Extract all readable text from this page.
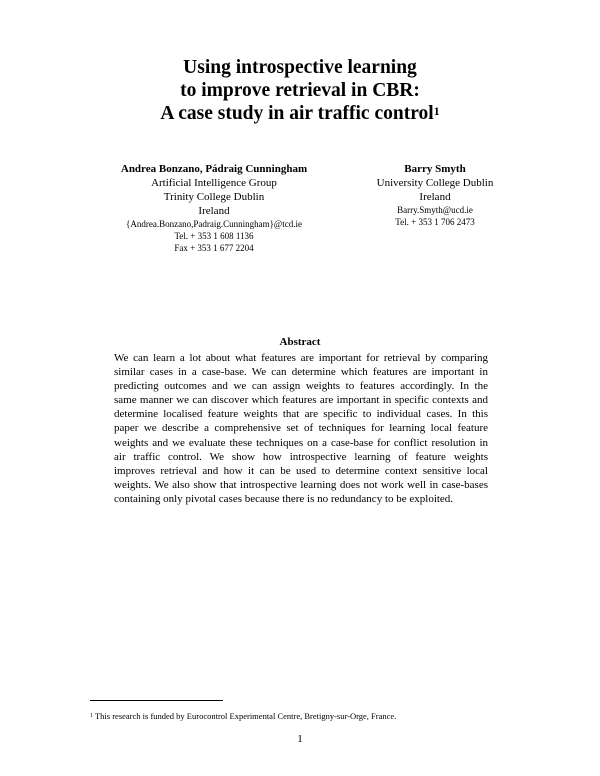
Using introspective learning
to improve retrieval in CBR:
A case study in air traffic control$^1$
Andrea Bonzano, Pádraig Cunningham
Artificial Intelligence Group
Trinity College Dublin
Ireland
{Andrea.Bonzano,Padraig.Cunningham}@tcd.ie
Tel. + 353 1 608 1136
Fax + 353 1 677 2204
Barry Smyth
University College Dublin
Ireland
Barry.Smyth@ucd.ie
Tel. + 353 1 706 2473
Abstract
We can learn a lot about what features are important for retrieval by comparing
similar cases in a case-base. We can determine which features are important in
predicting outcomes and we can assign weights to features accordingly. In the
same manner we can discover which features are important in specific contexts and
determine localised feature weights that are specific to individual cases. In this
paper we describe a comprehensive set of techniques for learning local feature
weights and we evaluate these techniques on a case-base for conflict resolution in
air traffic control. We show how introspective learning of feature weights
improves retrieval and how it can be used to determine context sensitive local
weights. We also show that introspective learning does not work well in case-bases
containing only pivotal cases because there is no redundancy to be exploited.
$^1$ This research is funded by Eurocontrol Experimental Centre, Bretigny-sur-Orge, France.
1
